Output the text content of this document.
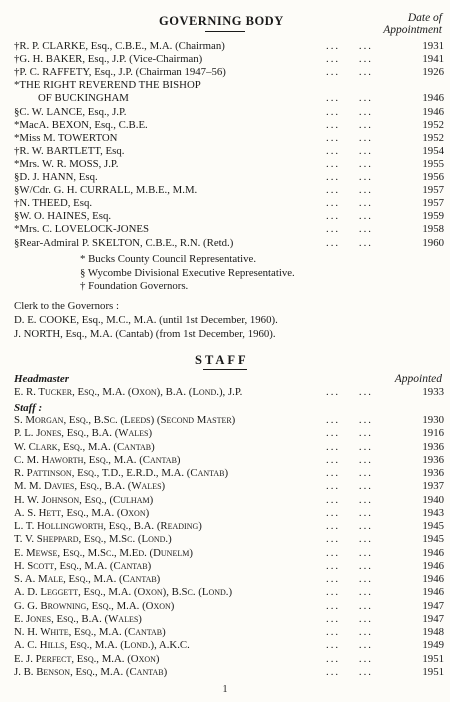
GOVERNING BODY	Date of
Appointment
†R. P. CLARKE, Esq., C.B.E., M.A. (Chairman)	...    ...	1931
†G. H. BAKER, Esq., J.P. (Vice-Chairman)	...    ...	1941
†P. C. RAFFETY, Esq., J.P. (Chairman 1947–56)	...    ...	1926
*THE RIGHT REVEREND THE BISHOP
OF BUCKINGHAM	...    ...	1946
§C. W. LANCE, Esq., J.P.	...    ...	1946
*MacA. BEXON, Esq., C.B.E.	...    ...	1952
*Miss M. TOWERTON	...    ...	1952
†R. W. BARTLETT, Esq.	...    ...	1954
*Mrs. W. R. MOSS, J.P.	...    ...	1955
§D. J. HANN, Esq.	...    ...	1956
§W/Cdr. G. H. CURRALL, M.B.E., M.M.	...    ...	1957
†N. THEED, Esq.	...    ...	1957
§W. O. HAINES, Esq.	...    ...	1959
*Mrs. C. LOVELOCK-JONES	...    ...	1958
§Rear-Admiral P. SKELTON, C.B.E., R.N. (Retd.)	...    ...	1960
* Bucks County Council Representative.
§ Wycombe Divisional Executive Representative.
† Foundation Governors.
Clerk to the Governors :
D. E. COOKE, Esq., M.C., M.A. (until 1st December, 1960).
J. NORTH, Esq., M.A. (Cantab) (from 1st December, 1960).
STAFF
Headmaster	Appointed
E. R. Tucker, Esq., M.A. (Oxon), B.A. (Lond.), J.P.	...    ...	1933
Staff :
S. Morgan, Esq., B.Sc. (Leeds) (Second Master)	...    ...	1930
P. L. Jones, Esq., B.A. (Wales)	...    ...	1916
W. Clark, Esq., M.A. (Cantab)	...    ...	1936
C. M. Haworth, Esq., M.A. (Cantab)	...    ...	1936
R. Pattinson, Esq., T.D., E.R.D., M.A. (Cantab)	...    ...	1936
M. M. Davies, Esq., B.A. (Wales)	...    ...	1937
H. W. Johnson, Esq., (Culham)	...    ...	1940
A. S. Hett, Esq., M.A. (Oxon)	...    ...	1943
L. T. Hollingworth, Esq., B.A. (Reading)	...    ...	1945
T. V. Sheppard, Esq., M.Sc. (Lond.)	...    ...	1945
E. Mewse, Esq., M.Sc., M.Ed. (Dunelm)	...    ...	1946
H. Scott, Esq., M.A. (Cantab)	...    ...	1946
S. A. Male, Esq., M.A. (Cantab)	...    ...	1946
A. D. Leggett, Esq., M.A. (Oxon), B.Sc. (Lond.)	...    ...	1946
G. G. Browning, Esq., M.A. (Oxon)	...    ...	1947
E. Jones, Esq., B.A. (Wales)	...    ...	1947
N. H. White, Esq., M.A. (Cantab)	...    ...	1948
A. C. Hills, Esq., M.A. (Lond.), A.K.C.	...    ...	1949
E. J. Perfect, Esq., M.A. (Oxon)	...    ...	1951
J. B. Benson, Esq., M.A. (Cantab)	...    ...	1951
1
